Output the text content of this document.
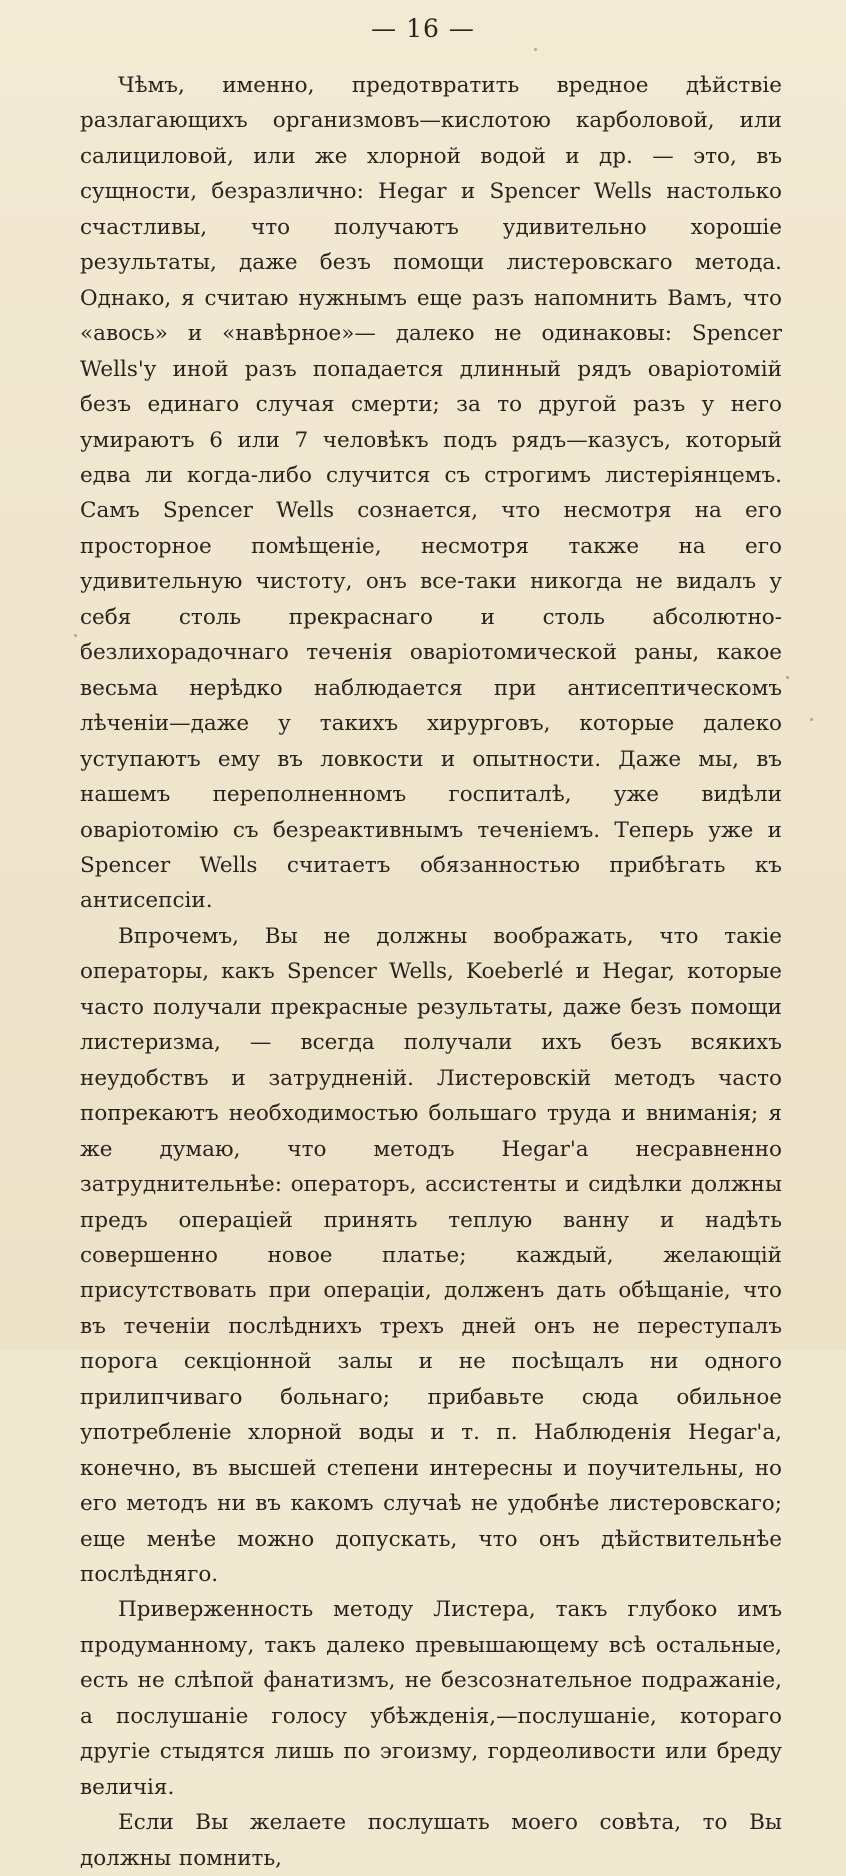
— 16 —

Чѣмъ, именно, предотвратить вредное дѣйствіе разлагающихъ организмовъ—кислотою карболовой, или салициловой, или же хлорной водой и др. — это, въ сущности, безразлично: Hegar и Spencer Wells настолько счастливы, что получаютъ удивительно хорошіе результаты, даже безъ помощи листеровскаго метода. Однако, я считаю нужнымъ еще разъ напомнить Вамъ, что «авось» и «навѣрное»— далеко не одинаковы: Spencer Wells'у иной разъ попадается длинный рядъ оваріотомій безъ единаго случая смерти; за то другой разъ у него умираютъ 6 или 7 человѣкъ подъ рядъ—казусъ, который едва ли когда-либо случится съ строгимъ листеріянцемъ. Самъ Spencer Wells сознается, что несмотря на его просторное помѣщеніе, несмотря также на его удивительную чистоту, онъ все-таки никогда не видалъ у себя столь прекраснаго и столь абсолютно-безлихорадочнаго теченія оваріотомической раны, какое весьма нерѣдко наблюдается при антисептическомъ лѣченіи—даже у такихъ хирурговъ, которые далеко уступаютъ ему въ ловкости и опытности. Даже мы, въ нашемъ переполненномъ госпиталѣ, уже видѣли оваріотомію съ безреактивнымъ теченіемъ. Теперь уже и Spencer Wells считаетъ обязанностью прибѣгать къ антисепсіи.

Впрочемъ, Вы не должны воображать, что такіе операторы, какъ Spencer Wells, Koeberlé и Hegar, которые часто получали прекрасные результаты, даже безъ помощи листеризма, — всегда получали ихъ безъ всякихъ неудобствъ и затрудненій. Листеровскій методъ часто попрекаютъ необходимостью большаго труда и вниманія; я же думаю, что методъ Hegar'а несравненно затруднительнѣе: операторъ, ассистенты и сидѣлки должны предъ операціей принять теплую ванну и надѣть совершенно новое платье; каждый, желающій присутствовать при операціи, долженъ дать обѣщаніе, что въ теченіи послѣднихъ трехъ дней онъ не переступалъ порога секціонной залы и не посѣщалъ ни одного прилипчиваго больнаго; прибавьте сюда обильное употребленіе хлорной воды и т. п. Наблюденія Hegar'а, конечно, въ высшей степени интересны и поучительны, но его методъ ни въ какомъ случаѣ не удобнѣе листеровскаго; еще менѣе можно допускать, что онъ дѣйствительнѣе послѣдняго.

Приверженность методу Листера, такъ глубоко имъ продуманному, такъ далеко превышающему всѣ остальные, есть не слѣпой фанатизмъ, не безсознательное подражаніе, а послушаніе голосу убѣжденія,—послушаніе, котораго другіе стыдятся лишь по эгоизму, гордеоливости или бреду величія.

Если Вы желаете послушать моего совѣта, то Вы должны помнить,
